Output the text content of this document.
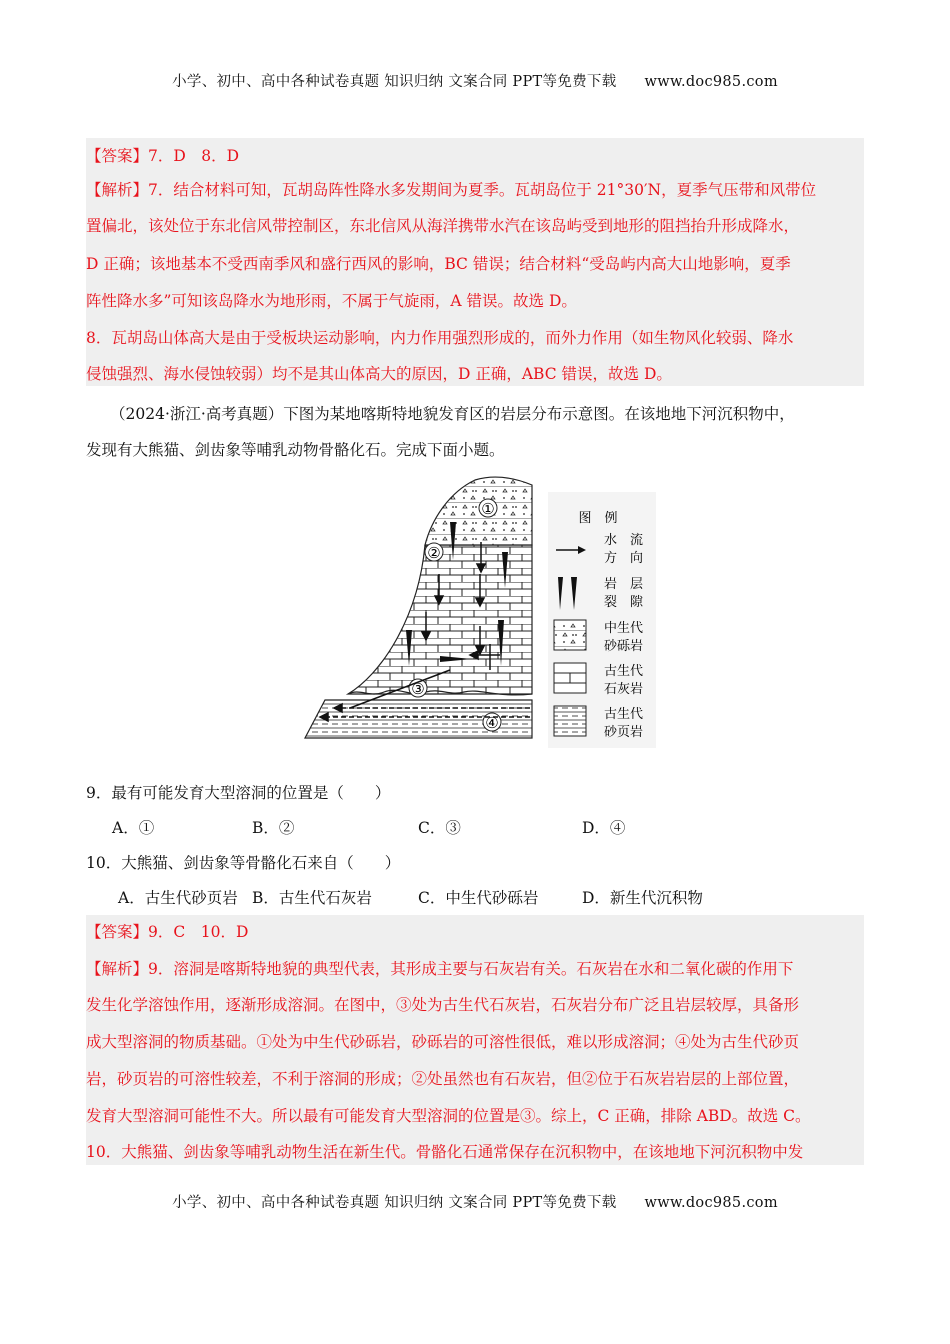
小学、初中、高中各种试卷真题 知识归纳 文案合同 PPT等免费下载 www.doc985.com
【答案】7．D　8．D
【解析】7．结合材料可知，瓦胡岛阵性降水多发期间为夏季。瓦胡岛位于 21°30′N，夏季气压带和风带位
置偏北，该处位于东北信风带控制区，东北信风从海洋携带水汽在该岛屿受到地形的阻挡抬升形成降水，
D 正确；该地基本不受西南季风和盛行西风的影响，BC 错误；结合材料“受岛屿内高大山地影响，夏季
阵性降水多”可知该岛降水为地形雨，不属于气旋雨，A 错误。故选 D。
8．瓦胡岛山体高大是由于受板块运动影响，内力作用强烈形成的，而外力作用（如生物风化较弱、降水
侵蚀强烈、海水侵蚀较弱）均不是其山体高大的原因，D 正确，ABC 错误，故选 D。
（2024·浙江·高考真题）下图为某地喀斯特地貌发育区的岩层分布示意图。在该地地下河沉积物中，
发现有大熊猫、剑齿象等哺乳动物骨骼化石。完成下面小题。
①
②
③
④
图　例
水　流
方　向
岩　层
裂　隙
中生代
砂砾岩
古生代
石灰岩
古生代
砂页岩
9．最有可能发育大型溶洞的位置是（　　）
A．①	B．②	C．③	D．④
10．大熊猫、剑齿象等骨骼化石来自（　　）
A．古生代砂页岩 B．古生代石灰岩	C．中生代砂砾岩	D．新生代沉积物
【答案】9．C　10．D
【解析】9．溶洞是喀斯特地貌的典型代表，其形成主要与石灰岩有关。石灰岩在水和二氧化碳的作用下
发生化学溶蚀作用，逐渐形成溶洞。在图中，③处为古生代石灰岩，石灰岩分布广泛且岩层较厚，具备形
成大型溶洞的物质基础。①处为中生代砂砾岩，砂砾岩的可溶性很低，难以形成溶洞；④处为古生代砂页
岩，砂页岩的可溶性较差，不利于溶洞的形成；②处虽然也有石灰岩，但②位于石灰岩岩层的上部位置，
发育大型溶洞可能性不大。所以最有可能发育大型溶洞的位置是③。综上，C 正确，排除 ABD。故选 C。
10．大熊猫、剑齿象等哺乳动物生活在新生代。骨骼化石通常保存在沉积物中，在该地地下河沉积物中发
小学、初中、高中各种试卷真题 知识归纳 文案合同 PPT等免费下载 www.doc985.com
